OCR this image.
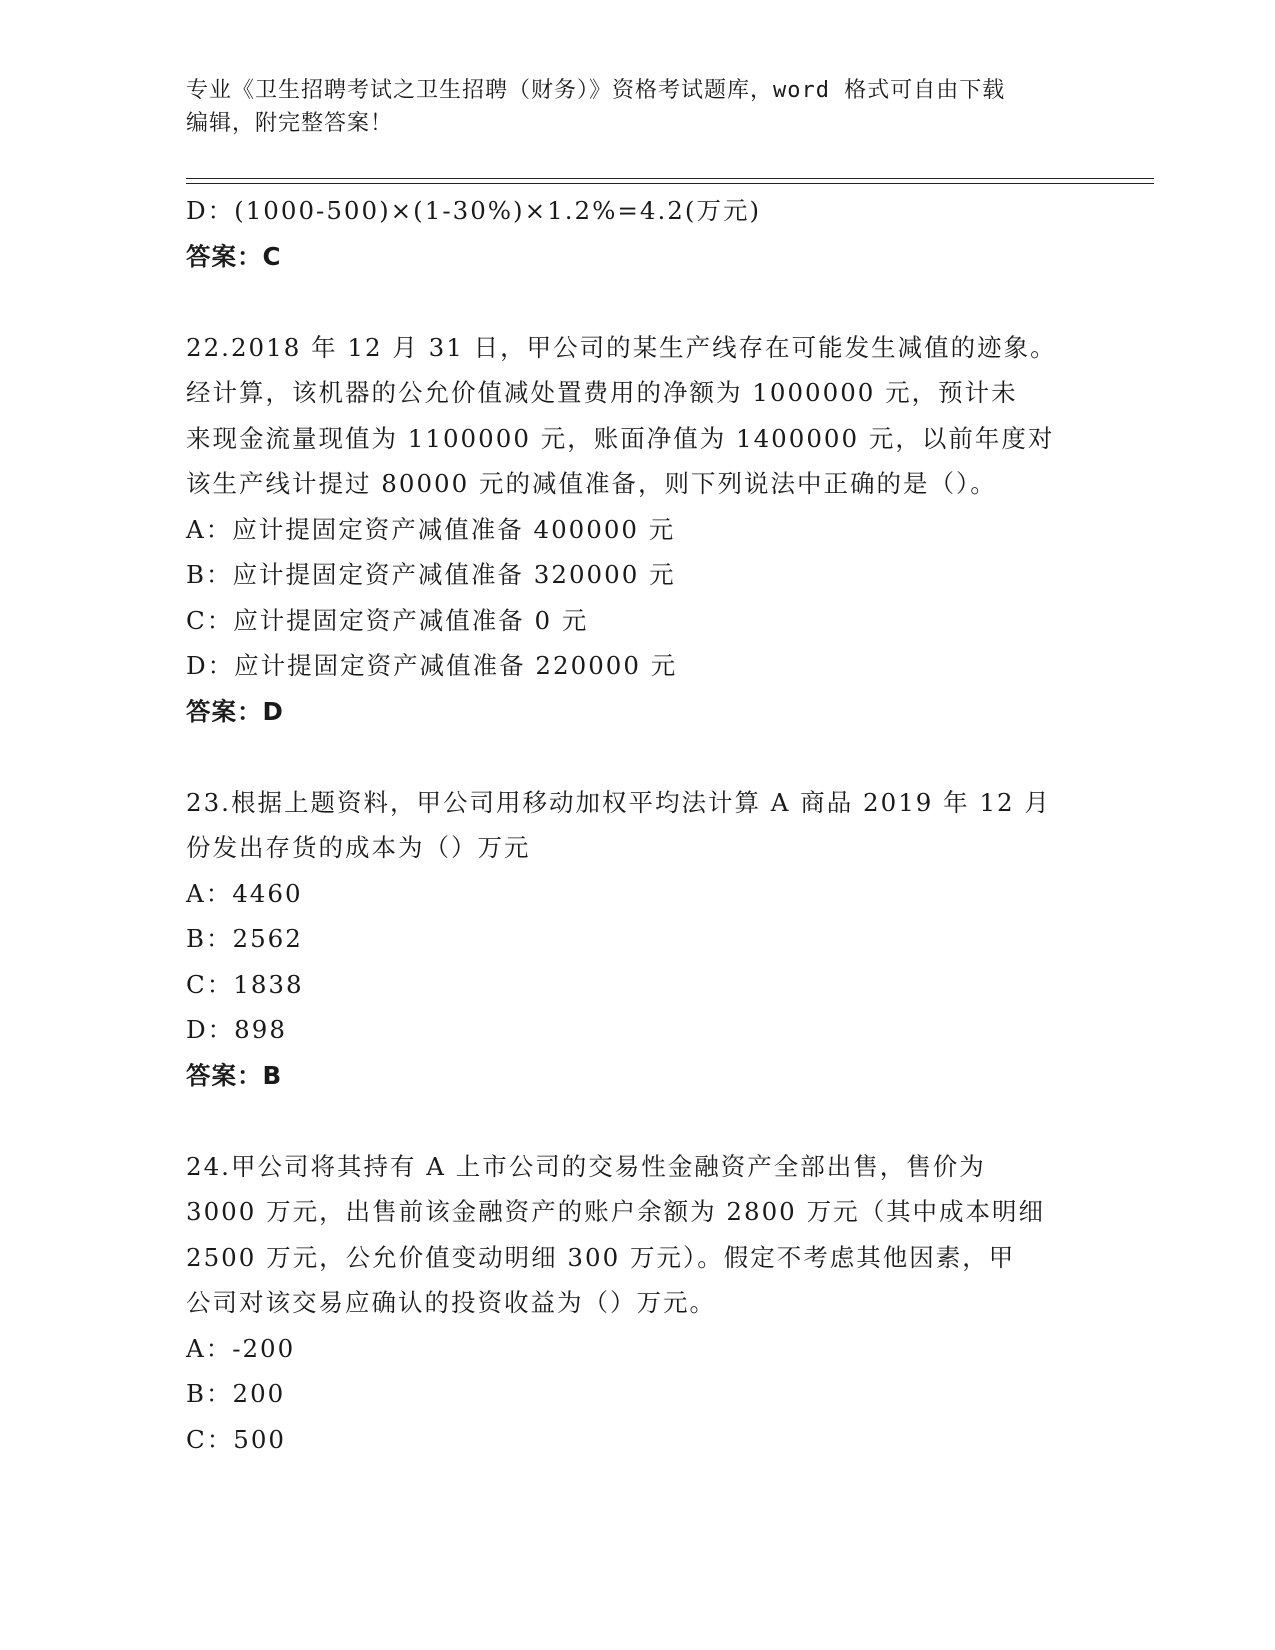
专业《卫生招聘考试之卫生招聘（财务）》资格考试题库，word 格式可自由下载
编辑，附完整答案！
D：(1000-500)×(1-30%)×1.2%=4.2(万元)
答案：C
22.2018 年 12 月 31 日，甲公司的某生产线存在可能发生减值的迹象。
经计算，该机器的公允价值减处置费用的净额为 1000000 元，预计未
来现金流量现值为 1100000 元，账面净值为 1400000 元，以前年度对
该生产线计提过 80000 元的减值准备，则下列说法中正确的是（）。
A：应计提固定资产减值准备 400000 元
B：应计提固定资产减值准备 320000 元
C：应计提固定资产减值准备 0 元
D：应计提固定资产减值准备 220000 元
答案：D
23.根据上题资料，甲公司用移动加权平均法计算 A 商品 2019 年 12 月
份发出存货的成本为（）万元
A：4460
B：2562
C：1838
D：898
答案：B
24.甲公司将其持有 A 上市公司的交易性金融资产全部出售，售价为
3000 万元，出售前该金融资产的账户余额为 2800 万元（其中成本明细
2500 万元，公允价值变动明细 300 万元）。假定不考虑其他因素，甲
公司对该交易应确认的投资收益为（）万元。
A：-200
B：200
C：500
